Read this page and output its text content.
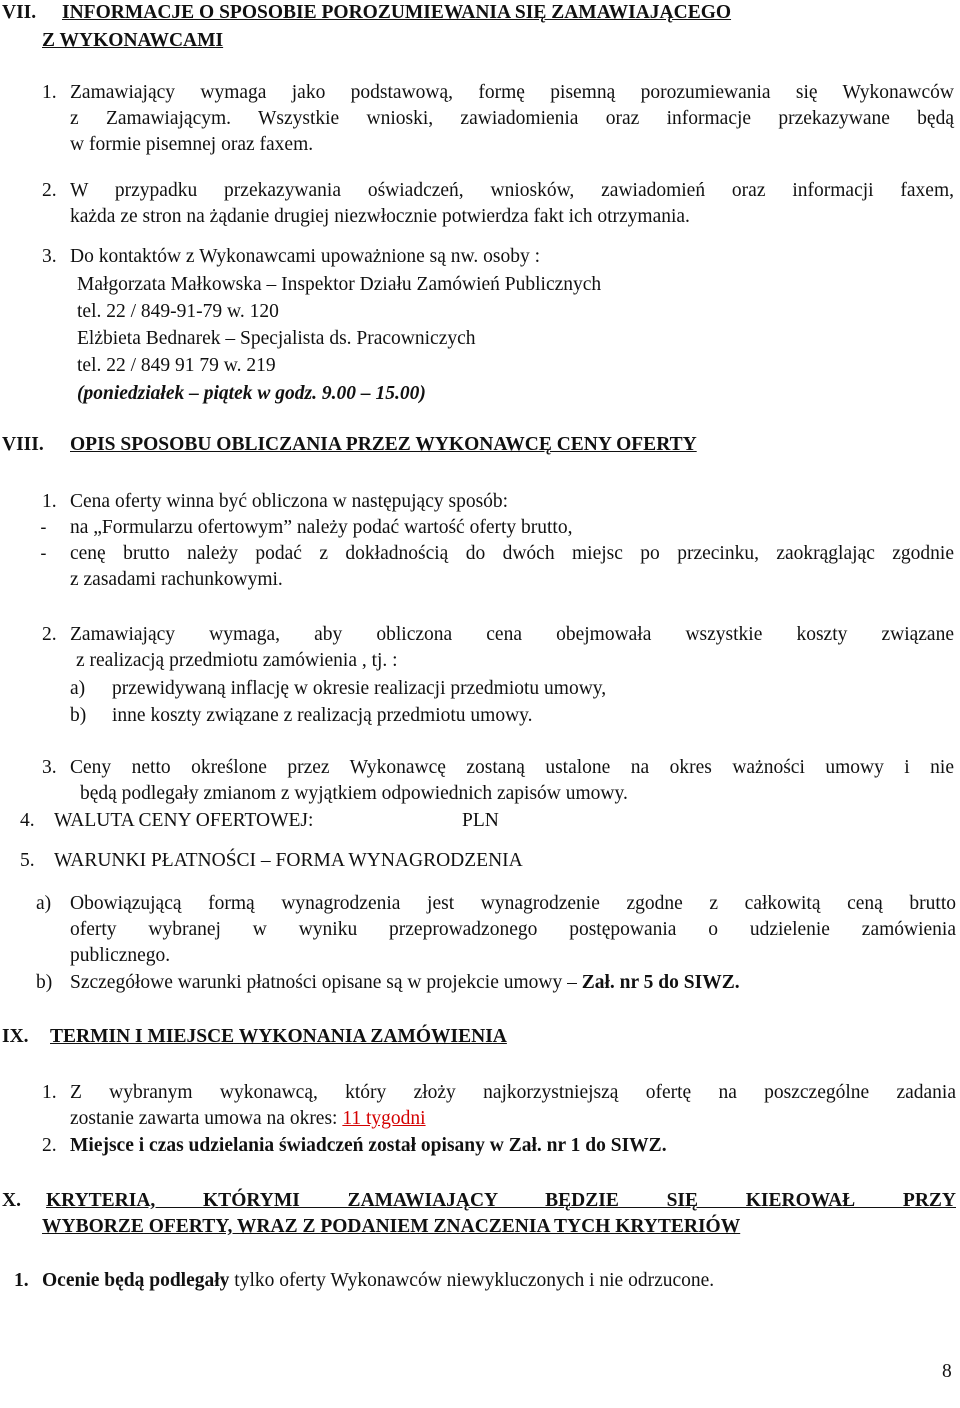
VII. INFORMACJE O SPOSOBIE POROZUMIEWANIA SIĘ ZAMAWIAJĄCEGO
Z WYKONAWCAMI
1. Zamawiający wymaga jako podstawową, formę pisemną porozumiewania się Wykonawców
z Zamawiającym. Wszystkie wnioski, zawiadomienia oraz informacje przekazywane będą
w formie pisemnej oraz faxem.
2. W przypadku przekazywania oświadczeń, wniosków, zawiadomień oraz informacji faxem,
każda ze stron na żądanie drugiej niezwłocznie potwierdza fakt ich otrzymania.
3. Do kontaktów z Wykonawcami upoważnione są nw. osoby :
Małgorzata Małkowska – Inspektor Działu Zamówień Publicznych
tel. 22 / 849-91-79 w. 120
Elżbieta Bednarek – Specjalista ds. Pracowniczych
tel. 22 / 849 91 79 w. 219
(poniedziałek – piątek w godz. 9.00 – 15.00)
VIII. OPIS SPOSOBU OBLICZANIA PRZEZ WYKONAWCĘ CENY OFERTY
1. Cena oferty winna być obliczona w następujący sposób:
- na „Formularzu ofertowym” należy podać wartość oferty brutto,
- cenę brutto należy podać z dokładnością do dwóch miejsc po przecinku, zaokrąglając zgodnie
z zasadami rachunkowymi.
2. Zamawiający wymaga, aby obliczona cena obejmowała wszystkie koszty związane
z realizacją przedmiotu zamówienia , tj. :
a) przewidywaną inflację w okresie realizacji przedmiotu umowy,
b) inne koszty związane z realizacją przedmiotu umowy.
3. Ceny netto określone przez Wykonawcę zostaną ustalone na okres ważności umowy i nie
będą podlegały zmianom z wyjątkiem odpowiednich zapisów umowy.
4. WALUTA CENY OFERTOWEJ:	PLN
5. WARUNKI PŁATNOŚCI – FORMA WYNAGRODZENIA
a) Obowiązującą formą wynagrodzenia jest wynagrodzenie zgodne z całkowitą ceną brutto
oferty wybranej w wyniku przeprowadzonego postępowania o udzielenie zamówienia
publicznego.
b) Szczegółowe warunki płatności opisane są w projekcie umowy – Zał. nr 5 do SIWZ.
IX. TERMIN I MIEJSCE WYKONANIA ZAMÓWIENIA
1. Z wybranym wykonawcą, który złoży najkorzystniejszą ofertę na poszczególne zadania
zostanie zawarta umowa na okres: 11 tygodni
2. Miejsce i czas udzielania świadczeń został opisany w Zał. nr 1 do SIWZ.
X. KRYTERIA, KTÓRYMI ZAMAWIAJĄCY BĘDZIE SIĘ KIEROWAŁ PRZY
WYBORZE OFERTY, WRAZ Z PODANIEM ZNACZENIA TYCH KRYTERIÓW
1. Ocenie będą podlegały tylko oferty Wykonawców niewykluczonych i nie odrzucone.
8
